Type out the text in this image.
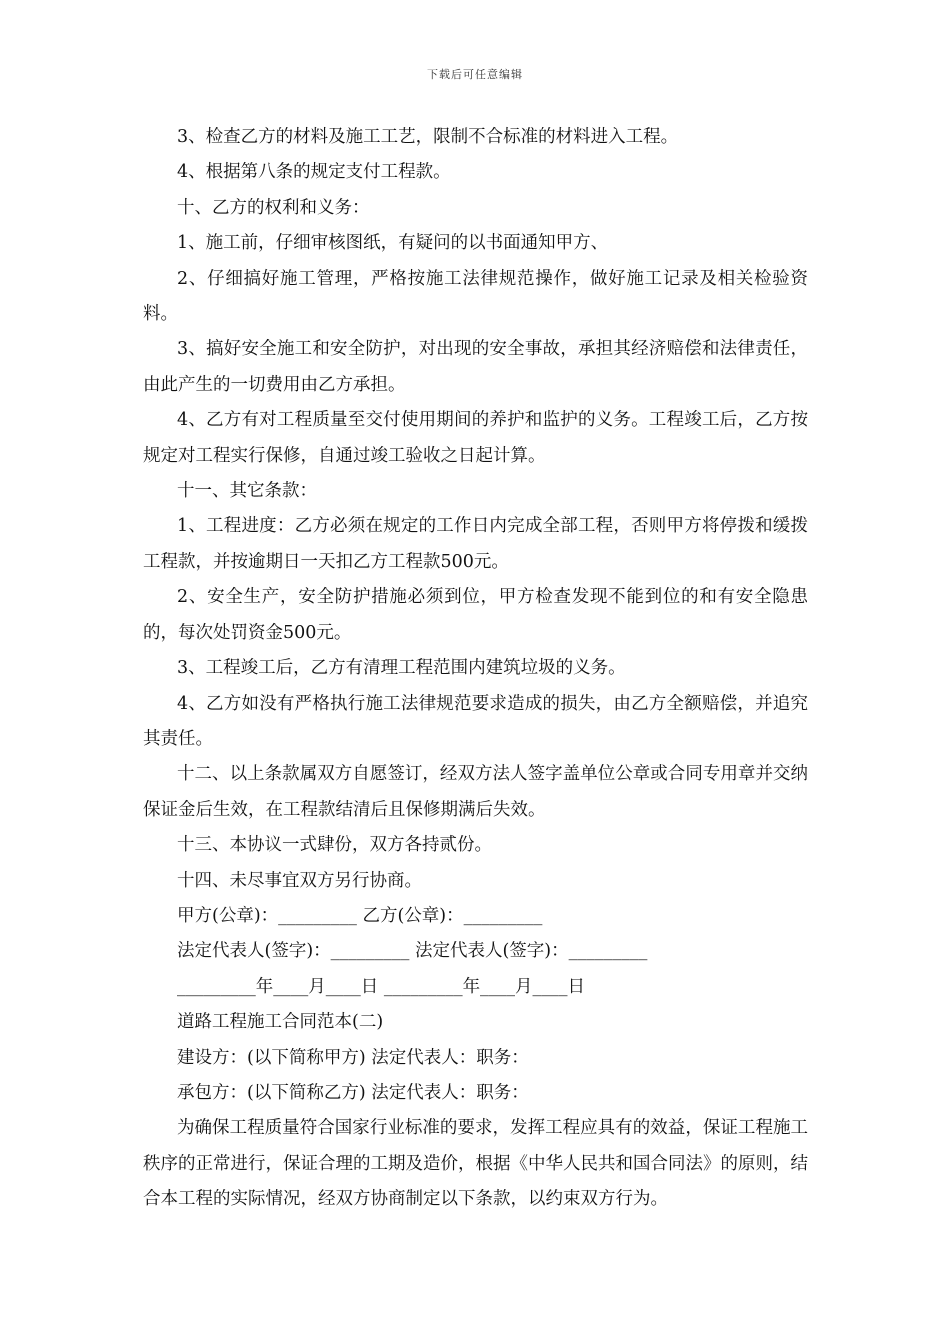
下载后可任意编辑

3、检查乙方的材料及施工工艺，限制不合标准的材料进入工程。

4、根据第八条的规定支付工程款。

十、乙方的权利和义务：

1、施工前，仔细审核图纸，有疑问的以书面通知甲方、

2、仔细搞好施工管理，严格按施工法律规范操作，做好施工记录及相关检验资料。

3、搞好安全施工和安全防护，对出现的安全事故，承担其经济赔偿和法律责任，由此产生的一切费用由乙方承担。

4、乙方有对工程质量至交付使用期间的养护和监护的义务。工程竣工后，乙方按规定对工程实行保修，自通过竣工验收之日起计算。

十一、其它条款：

1、工程进度：乙方必须在规定的工作日内完成全部工程，否则甲方将停拨和缓拨工程款，并按逾期日一天扣乙方工程款500元。

2、安全生产，安全防护措施必须到位，甲方检查发现不能到位的和有安全隐患的，每次处罚资金500元。

3、工程竣工后，乙方有清理工程范围内建筑垃圾的义务。

4、乙方如没有严格执行施工法律规范要求造成的损失，由乙方全额赔偿，并追究其责任。

十二、以上条款属双方自愿签订，经双方法人签字盖单位公章或合同专用章并交纳保证金后生效，在工程款结清后且保修期满后失效。

十三、本协议一式肆份，双方各持贰份。

十四、未尽事宜双方另行协商。

甲方(公章)：_________ 乙方(公章)：_________

法定代表人(签字)：_________ 法定代表人(签字)：_________

_________年____月____日 _________年____月____日

道路工程施工合同范本(二)

建设方：(以下简称甲方) 法定代表人：职务：

承包方：(以下简称乙方) 法定代表人：职务：

为确保工程质量符合国家行业标准的要求，发挥工程应具有的效益，保证工程施工秩序的正常进行，保证合理的工期及造价，根据《中华人民共和国合同法》的原则，结合本工程的实际情况，经双方协商制定以下条款，以约束双方行为。
